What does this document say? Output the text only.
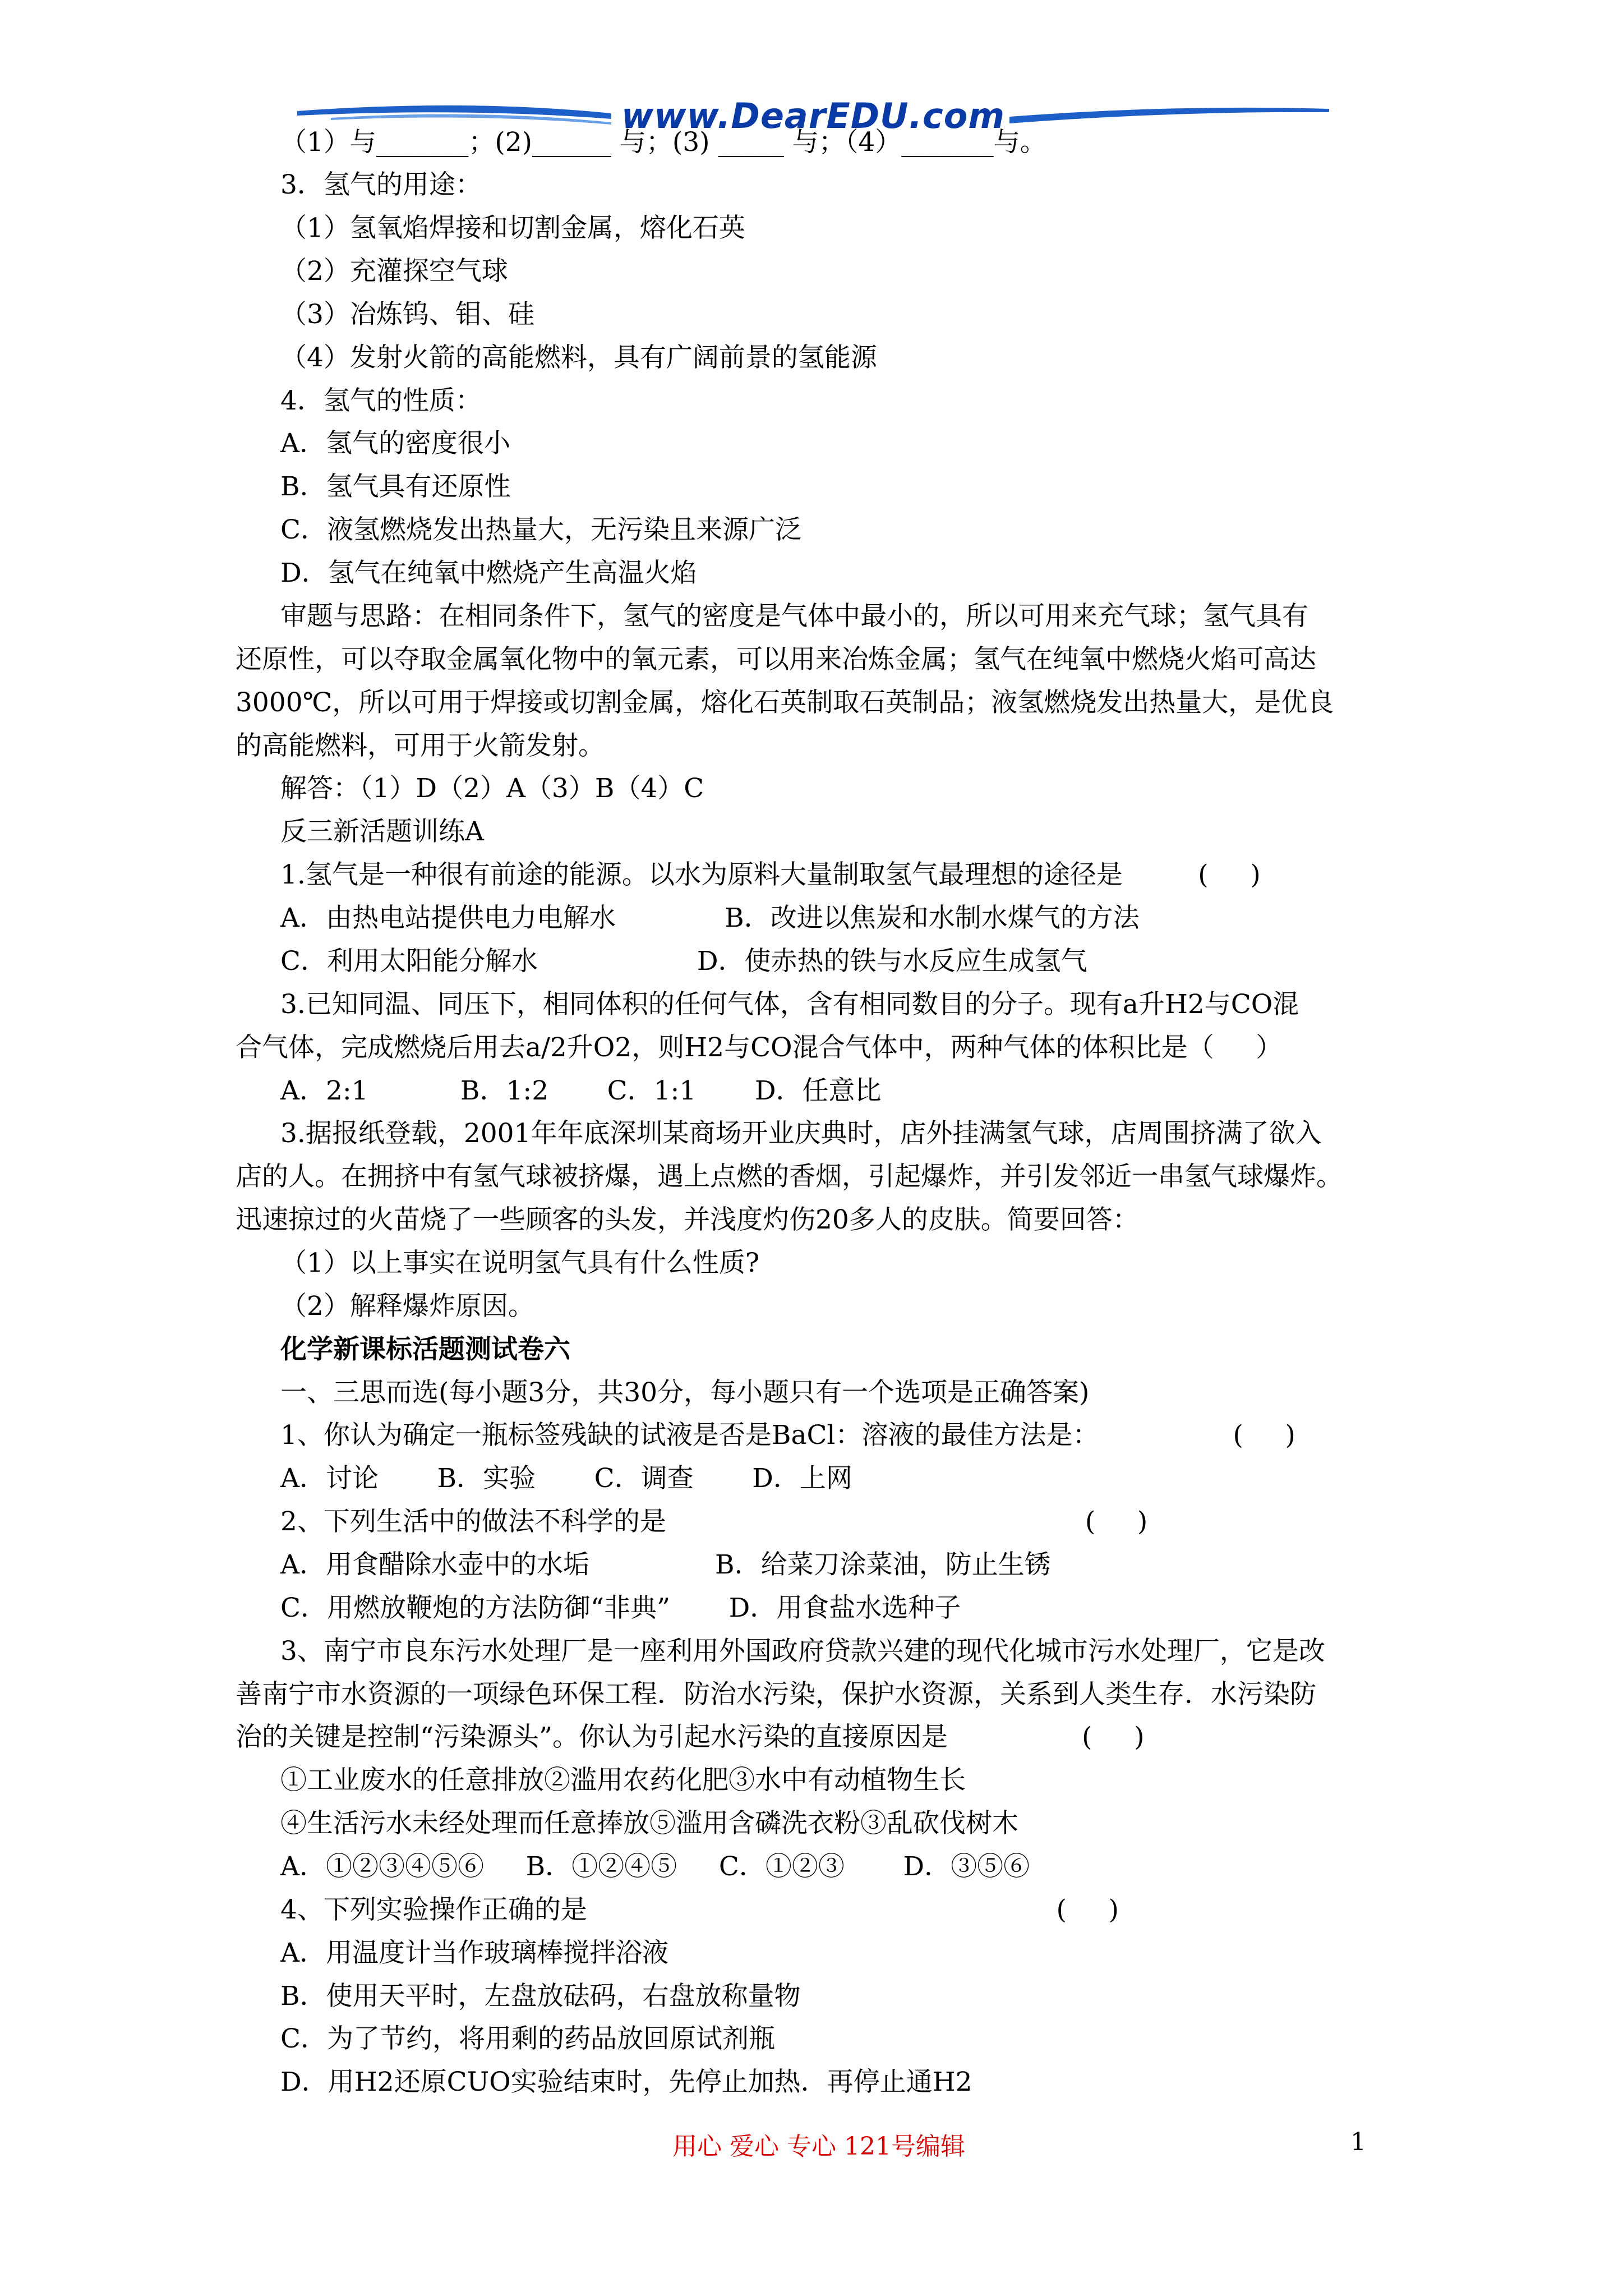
www.DearEDU.com
（1）与_______；(2)______ 与；(3) _____ 与；（4）_______与。
3．氢气的用途：
（1）氢氧焰焊接和切割金属，熔化石英
（2）充灌探空气球
（3）冶炼钨、钼、硅
（4）发射火箭的高能燃料，具有广阔前景的氢能源
4．氢气的性质：
A．氢气的密度很小
B．氢气具有还原性
C．液氢燃烧发出热量大，无污染且来源广泛
D．氢气在纯氧中燃烧产生高温火焰
审题与思路：在相同条件下，氢气的密度是气体中最小的，所以可用来充气球；氢气具有
还原性，可以夺取金属氧化物中的氧元素，可以用来冶炼金属；氢气在纯氧中燃烧火焰可高达
3000℃，所以可用于焊接或切割金属，熔化石英制取石英制品；液氢燃烧发出热量大，是优良
的高能燃料，可用于火箭发射。
解答：（1）D（2）A（3）B（4）C
反三新活题训练A
1.氢气是一种很有前途的能源。以水为原料大量制取氢气最理想的途径是         (     )
A．由热电站提供电力电解水             B．改进以焦炭和水制水煤气的方法
C．利用太阳能分解水                   D．使赤热的铁与水反应生成氢气
3.已知同温、同压下，相同体积的任何气体，含有相同数目的分子。现有a升H2与CO混
合气体，完成燃烧后用去a/2升O2，则H2与CO混合气体中，两种气体的体积比是（     ）
A．2:1           B．1:2       C．1:1       D．任意比
3.据报纸登载，2001年年底深圳某商场开业庆典时，店外挂满氢气球，店周围挤满了欲入
店的人。在拥挤中有氢气球被挤爆，遇上点燃的香烟，引起爆炸，并引发邻近一串氢气球爆炸。
迅速掠过的火苗烧了一些顾客的头发，并浅度灼伤20多人的皮肤。简要回答：
（1）以上事实在说明氢气具有什么性质?
（2）解释爆炸原因。
化学新课标活题测试卷六
一、三思而选(每小题3分，共30分，每小题只有一个选项是正确答案)
1、你认为确定一瓶标签残缺的试液是否是BaCl：溶液的最佳方法是：                (     )
A．讨论       B．实验       C．调查       D．上网
2、下列生活中的做法不科学的是                                                  (     )
A．用食醋除水壶中的水垢               B．给菜刀涂菜油，防止生锈
C．用燃放鞭炮的方法防御“非典”       D．用食盐水选种子
3、南宁市良东污水处理厂是一座利用外国政府贷款兴建的现代化城市污水处理厂，它是改
善南宁市水资源的一项绿色环保工程．防治水污染，保护水资源，关系到人类生存．水污染防
治的关键是控制“污染源头”。你认为引起水污染的直接原因是                (     )
①工业废水的任意排放②滥用农药化肥③水中有动植物生长
④生活污水未经处理而任意捧放⑤滥用含磷洗衣粉③乱砍伐树木
A．①②③④⑤⑥     B．①②④⑤     C．①②③       D．③⑤⑥
4、下列实验操作正确的是                                                        (     )
A．用温度计当作玻璃棒搅拌浴液
B．使用天平时，左盘放砝码，右盘放称量物
C．为了节约，将用剩的药品放回原试剂瓶
D．用H2还原CUO实验结束时，先停止加热．再停止通H2
用心 爱心 专心 121号编辑	1
